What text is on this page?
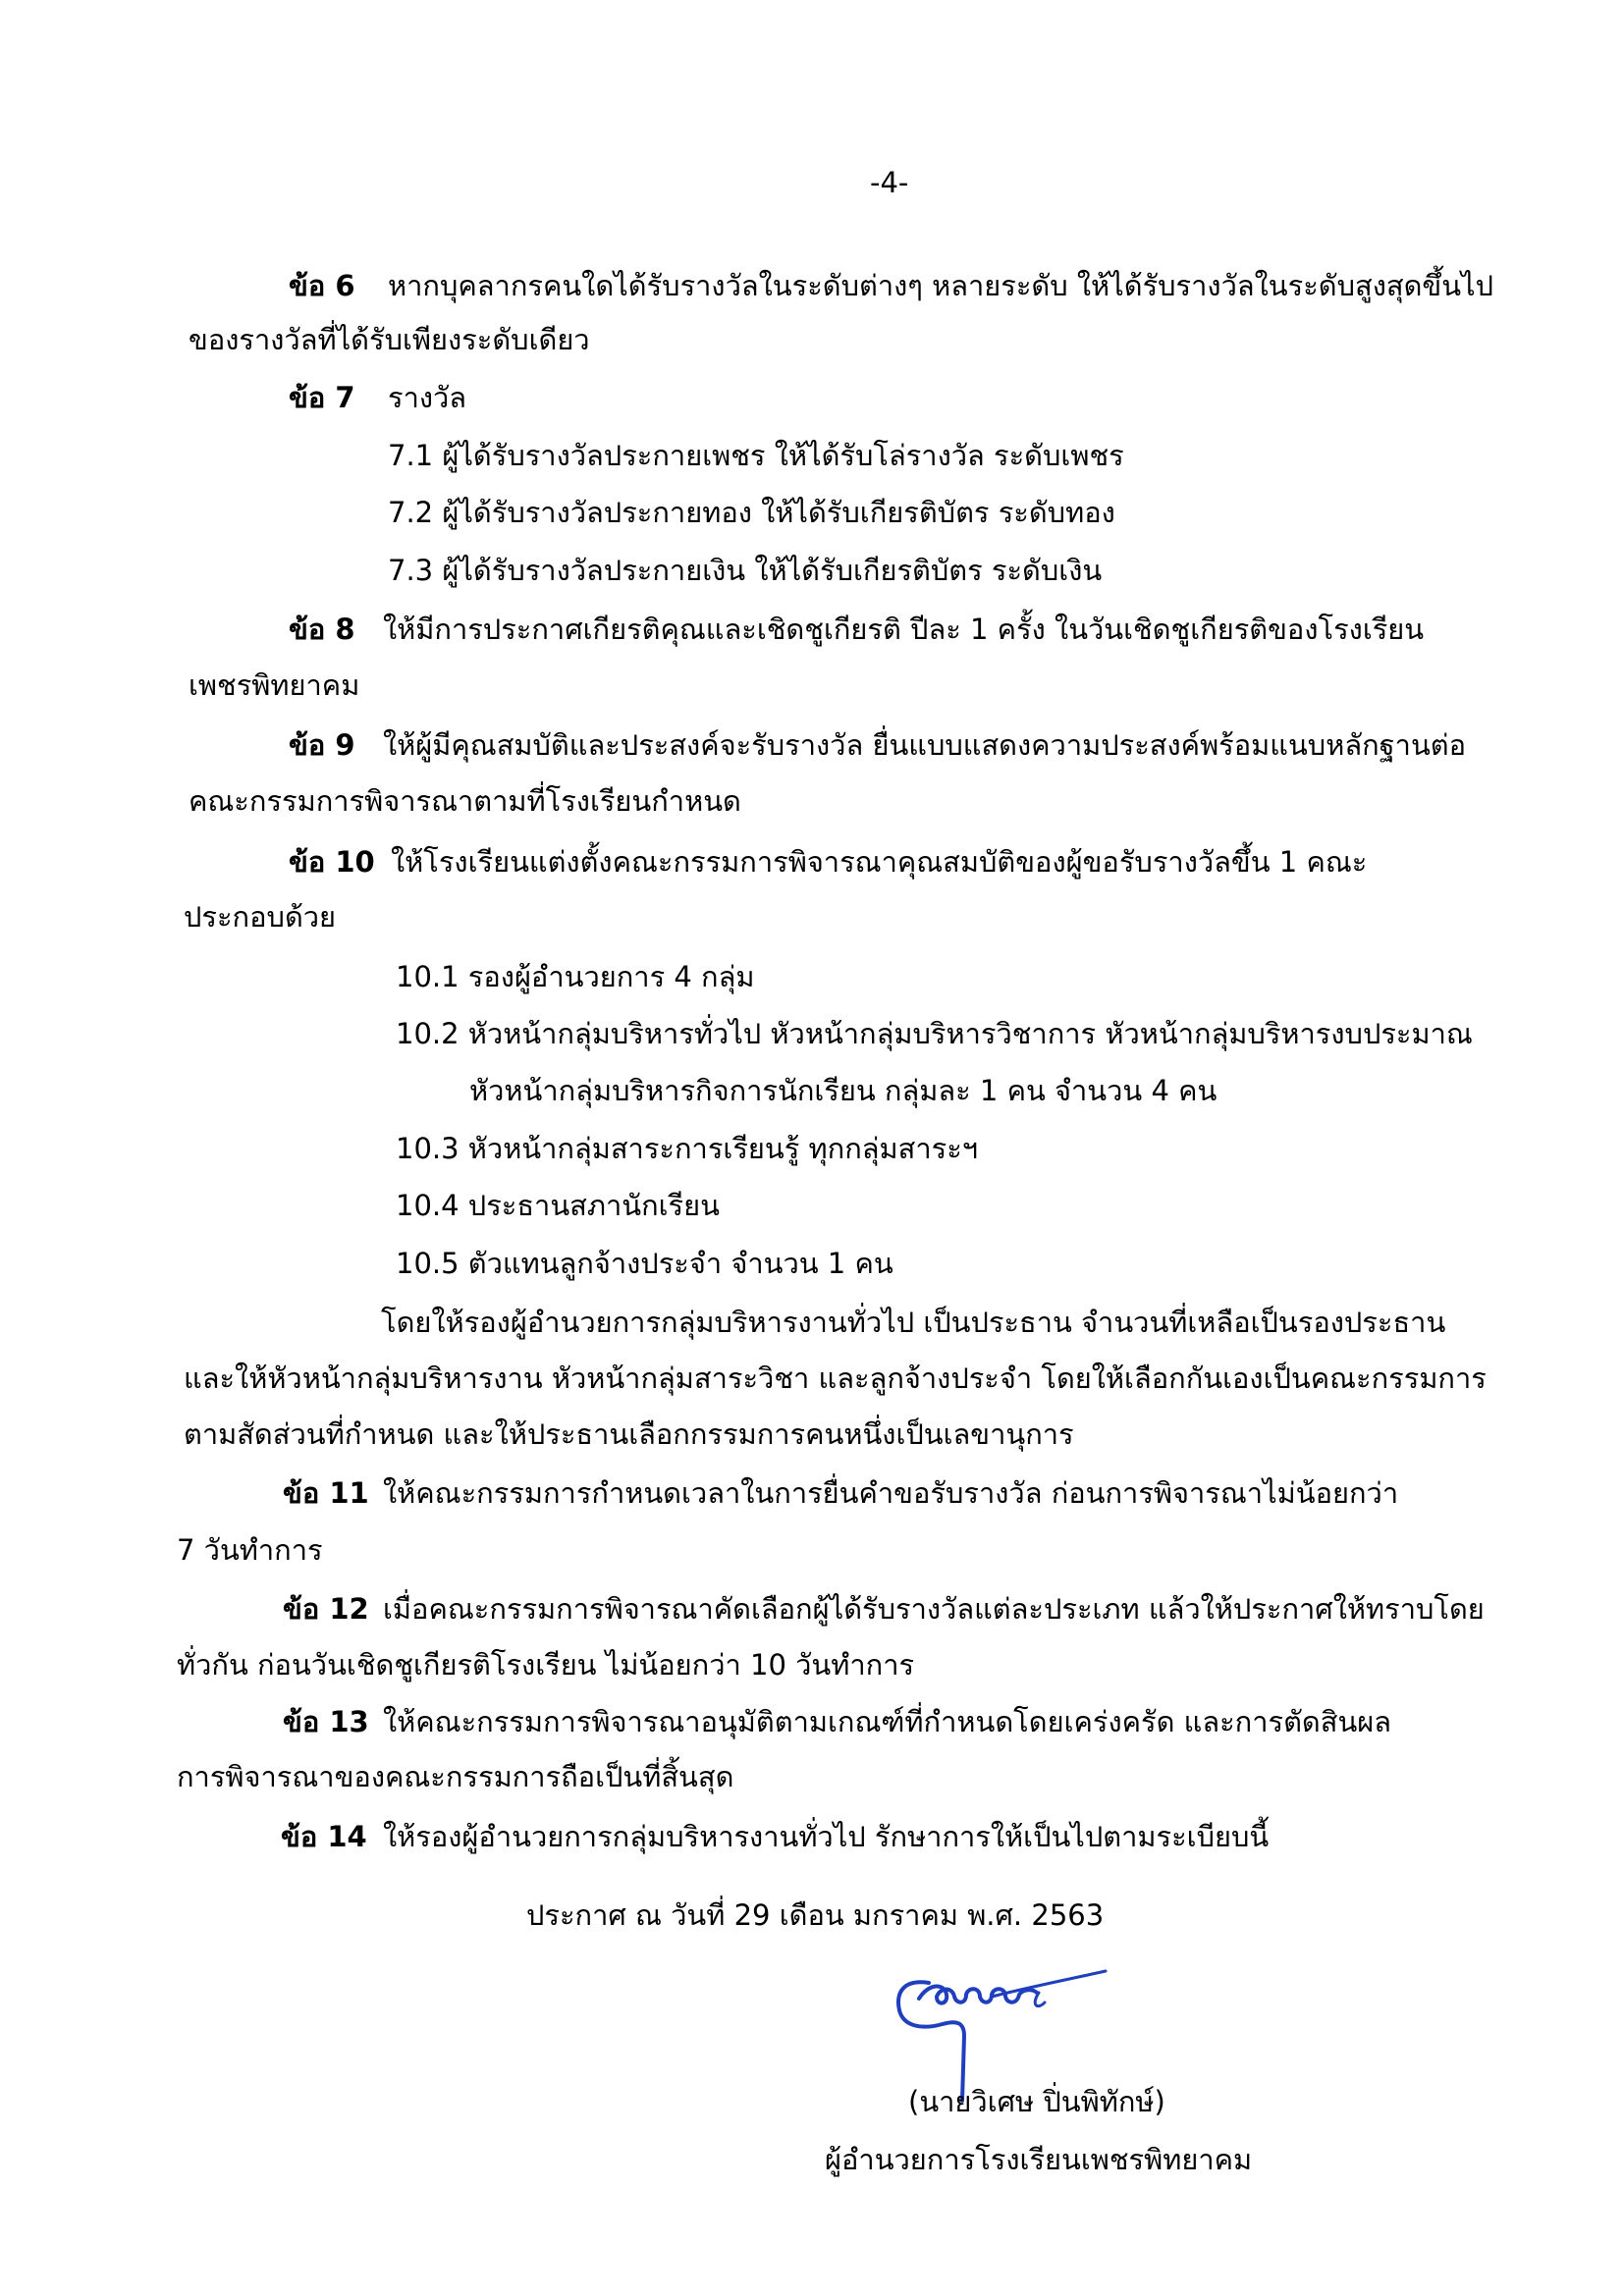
-4-
ข้อ 6 หากบุคลากรคนใดได้รับรางวัลในระดับต่างๆ หลายระดับ ให้ได้รับรางวัลในระดับสูงสุดขึ้นไป
ของรางวัลที่ได้รับเพียงระดับเดียว
ข้อ 7 รางวัล
7.1 ผู้ได้รับรางวัลประกายเพชร ให้ได้รับโล่รางวัล ระดับเพชร
7.2 ผู้ได้รับรางวัลประกายทอง ให้ได้รับเกียรติบัตร ระดับทอง
7.3 ผู้ได้รับรางวัลประกายเงิน ให้ได้รับเกียรติบัตร ระดับเงิน
ข้อ 8 ให้มีการประกาศเกียรติคุณและเชิดชูเกียรติ ปีละ 1 ครั้ง ในวันเชิดชูเกียรติของโรงเรียน
เพชรพิทยาคม
ข้อ 9 ให้ผู้มีคุณสมบัติและประสงค์จะรับรางวัล ยื่นแบบแสดงความประสงค์พร้อมแนบหลักฐานต่อ
คณะกรรมการพิจารณาตามที่โรงเรียนกำหนด
ข้อ 10 ให้โรงเรียนแต่งตั้งคณะกรรมการพิจารณาคุณสมบัติของผู้ขอรับรางวัลขึ้น 1 คณะ
ประกอบด้วย
10.1 รองผู้อำนวยการ 4 กลุ่ม
10.2 หัวหน้ากลุ่มบริหารทั่วไป หัวหน้ากลุ่มบริหารวิชาการ หัวหน้ากลุ่มบริหารงบประมาณ
หัวหน้ากลุ่มบริหารกิจการนักเรียน กลุ่มละ 1 คน จำนวน 4 คน
10.3 หัวหน้ากลุ่มสาระการเรียนรู้ ทุกกลุ่มสาระฯ
10.4 ประธานสภานักเรียน
10.5 ตัวแทนลูกจ้างประจำ จำนวน 1 คน
โดยให้รองผู้อำนวยการกลุ่มบริหารงานทั่วไป เป็นประธาน จำนวนที่เหลือเป็นรองประธาน
และให้หัวหน้ากลุ่มบริหารงาน หัวหน้ากลุ่มสาระวิชา และลูกจ้างประจำ โดยให้เลือกกันเองเป็นคณะกรรมการ
ตามสัดส่วนที่กำหนด และให้ประธานเลือกกรรมการคนหนึ่งเป็นเลขานุการ
ข้อ 11 ให้คณะกรรมการกำหนดเวลาในการยื่นคำขอรับรางวัล ก่อนการพิจารณาไม่น้อยกว่า
7 วันทำการ
ข้อ 12 เมื่อคณะกรรมการพิจารณาคัดเลือกผู้ได้รับรางวัลแต่ละประเภท แล้วให้ประกาศให้ทราบโดย
ทั่วกัน ก่อนวันเชิดชูเกียรติโรงเรียน ไม่น้อยกว่า 10 วันทำการ
ข้อ 13 ให้คณะกรรมการพิจารณาอนุมัติตามเกณฑ์ที่กำหนดโดยเคร่งครัด และการตัดสินผล
การพิจารณาของคณะกรรมการถือเป็นที่สิ้นสุด
ข้อ 14 ให้รองผู้อำนวยการกลุ่มบริหารงานทั่วไป รักษาการให้เป็นไปตามระเบียบนี้
ประกาศ ณ วันที่ 29 เดือน มกราคม พ.ศ. 2563
(นายวิเศษ ปิ่นพิทักษ์)
ผู้อำนวยการโรงเรียนเพชรพิทยาคม
